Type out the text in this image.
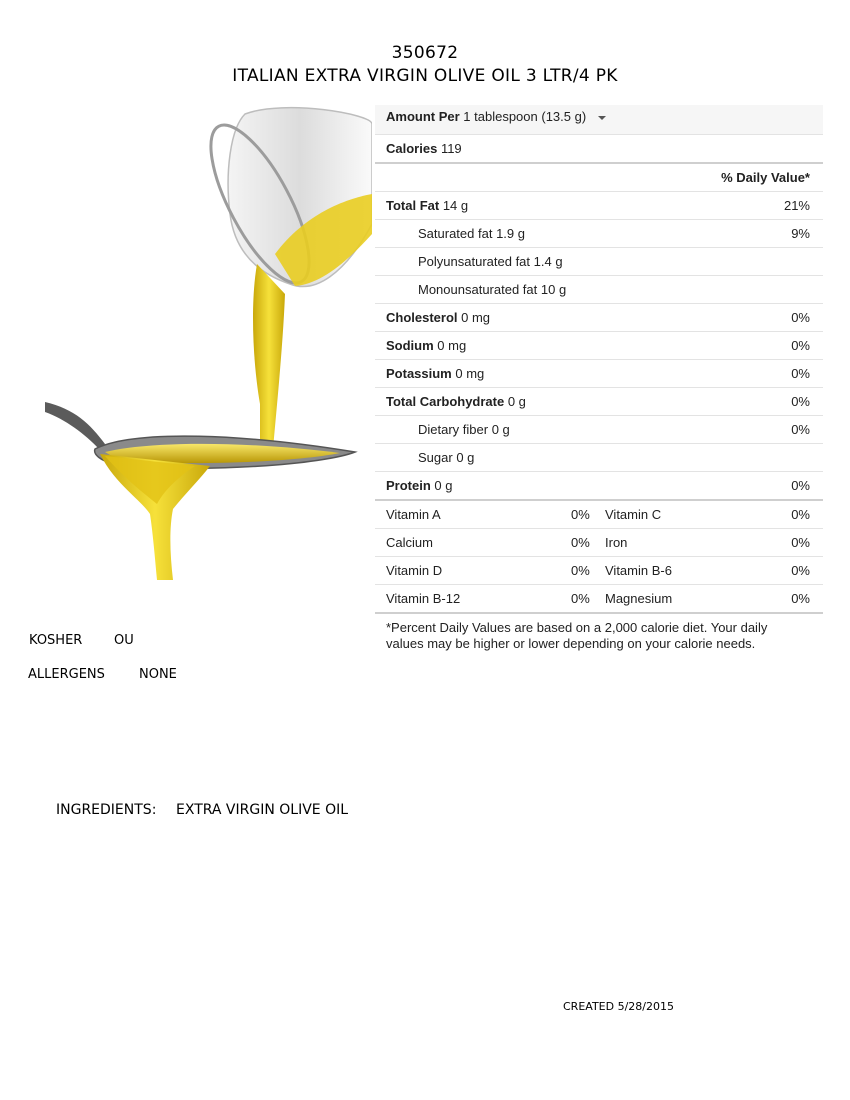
350672
ITALIAN EXTRA VIRGIN OLIVE OIL 3 LTR/4 PK
Amount Per 1 tablespoon (13.5 g)
Calories 119
% Daily Value*
Total Fat 14 g	21%
Saturated fat 1.9 g	9%
Polyunsaturated fat 1.4 g
Monounsaturated fat 10 g
Cholesterol 0 mg	0%
Sodium 0 mg	0%
Potassium 0 mg	0%
Total Carbohydrate 0 g	0%
Dietary fiber 0 g	0%
Sugar 0 g
Protein 0 g	0%
Vitamin A	0% Vitamin C	0%
Calcium	0% Iron	0%
Vitamin D	0% Vitamin B-6	0%
Vitamin B-12	0% Magnesium	0%
*Percent Daily Values are based on a 2,000 calorie diet. Your daily values may be higher or lower depending on your calorie needs.
KOSHER OU
ALLERGENS	NONE
INGREDIENTS: EXTRA VIRGIN OLIVE OIL
CREATED 5/28/2015
